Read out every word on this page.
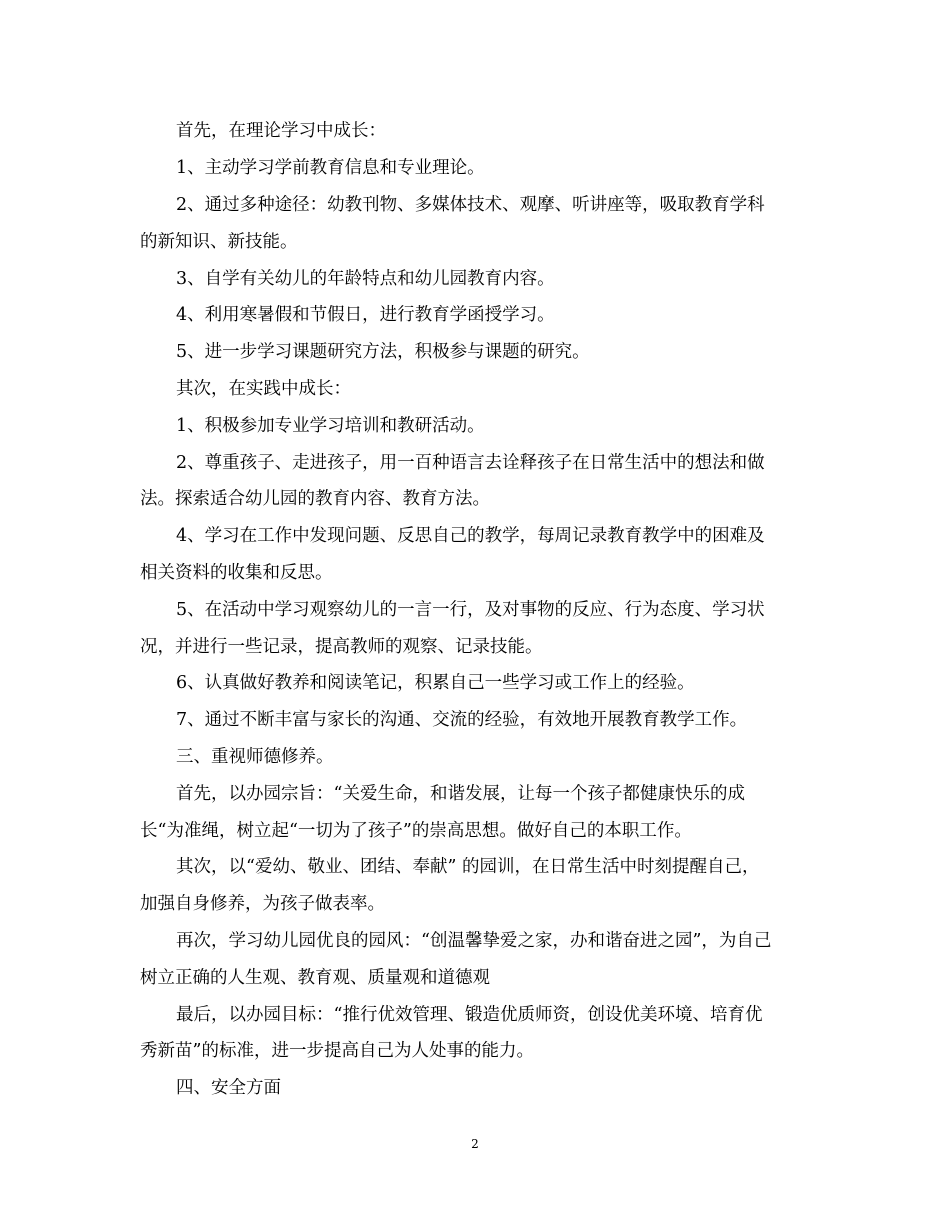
首先，在理论学习中成长：
1、主动学习学前教育信息和专业理论。
2、通过多种途径：幼教刊物、多媒体技术、观摩、听讲座等，吸取教育学科
的新知识、新技能。
3、自学有关幼儿的年龄特点和幼儿园教育内容。
4、利用寒暑假和节假日，进行教育学函授学习。
5、进一步学习课题研究方法，积极参与课题的研究。
其次，在实践中成长：
1、积极参加专业学习培训和教研活动。
2、尊重孩子、走进孩子，用一百种语言去诠释孩子在日常生活中的想法和做
法。探索适合幼儿园的教育内容、教育方法。
4、学习在工作中发现问题、反思自己的教学，每周记录教育教学中的困难及
相关资料的收集和反思。
5、在活动中学习观察幼儿的一言一行，及对事物的反应、行为态度、学习状
况，并进行一些记录，提高教师的观察、记录技能。
6、认真做好教养和阅读笔记，积累自己一些学习或工作上的经验。
7、通过不断丰富与家长的沟通、交流的经验，有效地开展教育教学工作。
三、重视师德修养。
首先，以办园宗旨：“关爱生命，和谐发展，让每一个孩子都健康快乐的成
长“为准绳，树立起“一切为了孩子”的崇高思想。做好自己的本职工作。
其次，以“爱幼、敬业、团结、奉献” 的园训，在日常生活中时刻提醒自己，
加强自身修养，为孩子做表率。
再次，学习幼儿园优良的园风：“创温馨挚爱之家，办和谐奋进之园”，为自己
树立正确的人生观、教育观、质量观和道德观
最后，以办园目标：“推行优效管理、锻造优质师资，创设优美环境、培育优
秀新苗”的标准，进一步提高自己为人处事的能力。
四、安全方面
2
